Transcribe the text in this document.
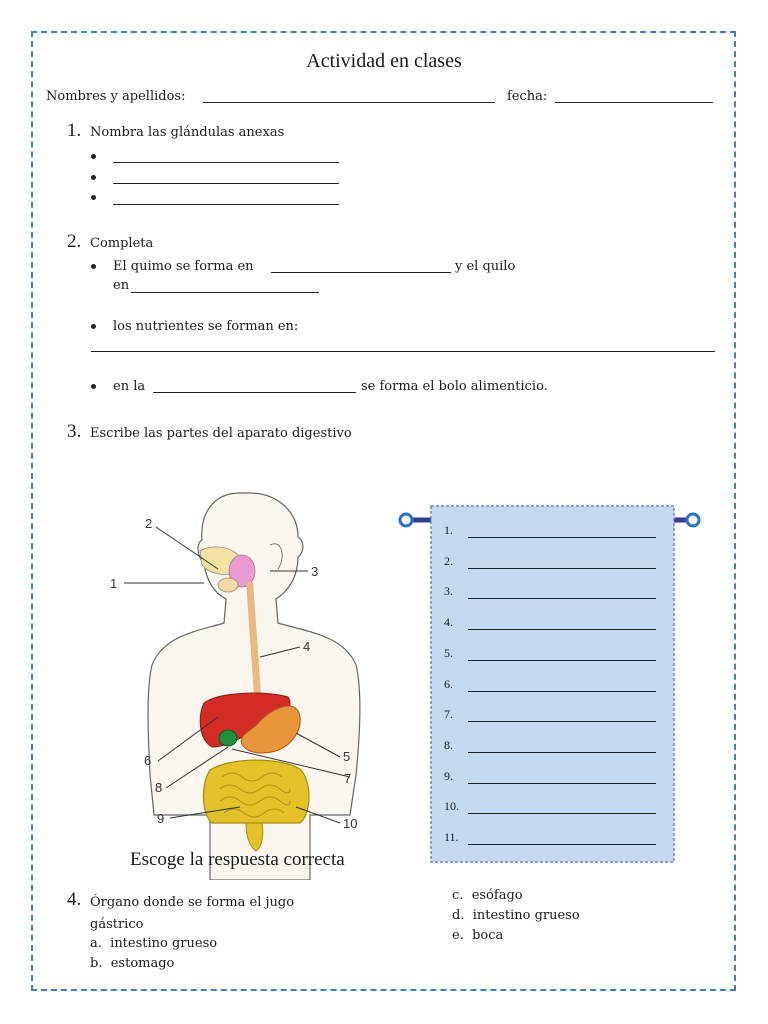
Actividad en clases
Nombres y apellidos:	fecha:
1. Nombra las glándulas anexas
2. Completa
El quimo se forma en	y el quilo
en
los nutrientes se forman en:
en la	se forma el bolo alimenticio.
3. Escribe las partes del aparato digestivo
1
2
3
4
5
6
7
8
9	10
1.
2.
3.
4.
5.
6.
7.
8.
9.
10.
11.
Escoge la respuesta correcta
4. Órgano donde se forma el jugo
gástrico
a. intestino grueso
b. estomago
c. esófago
d. intestino grueso
e. boca
